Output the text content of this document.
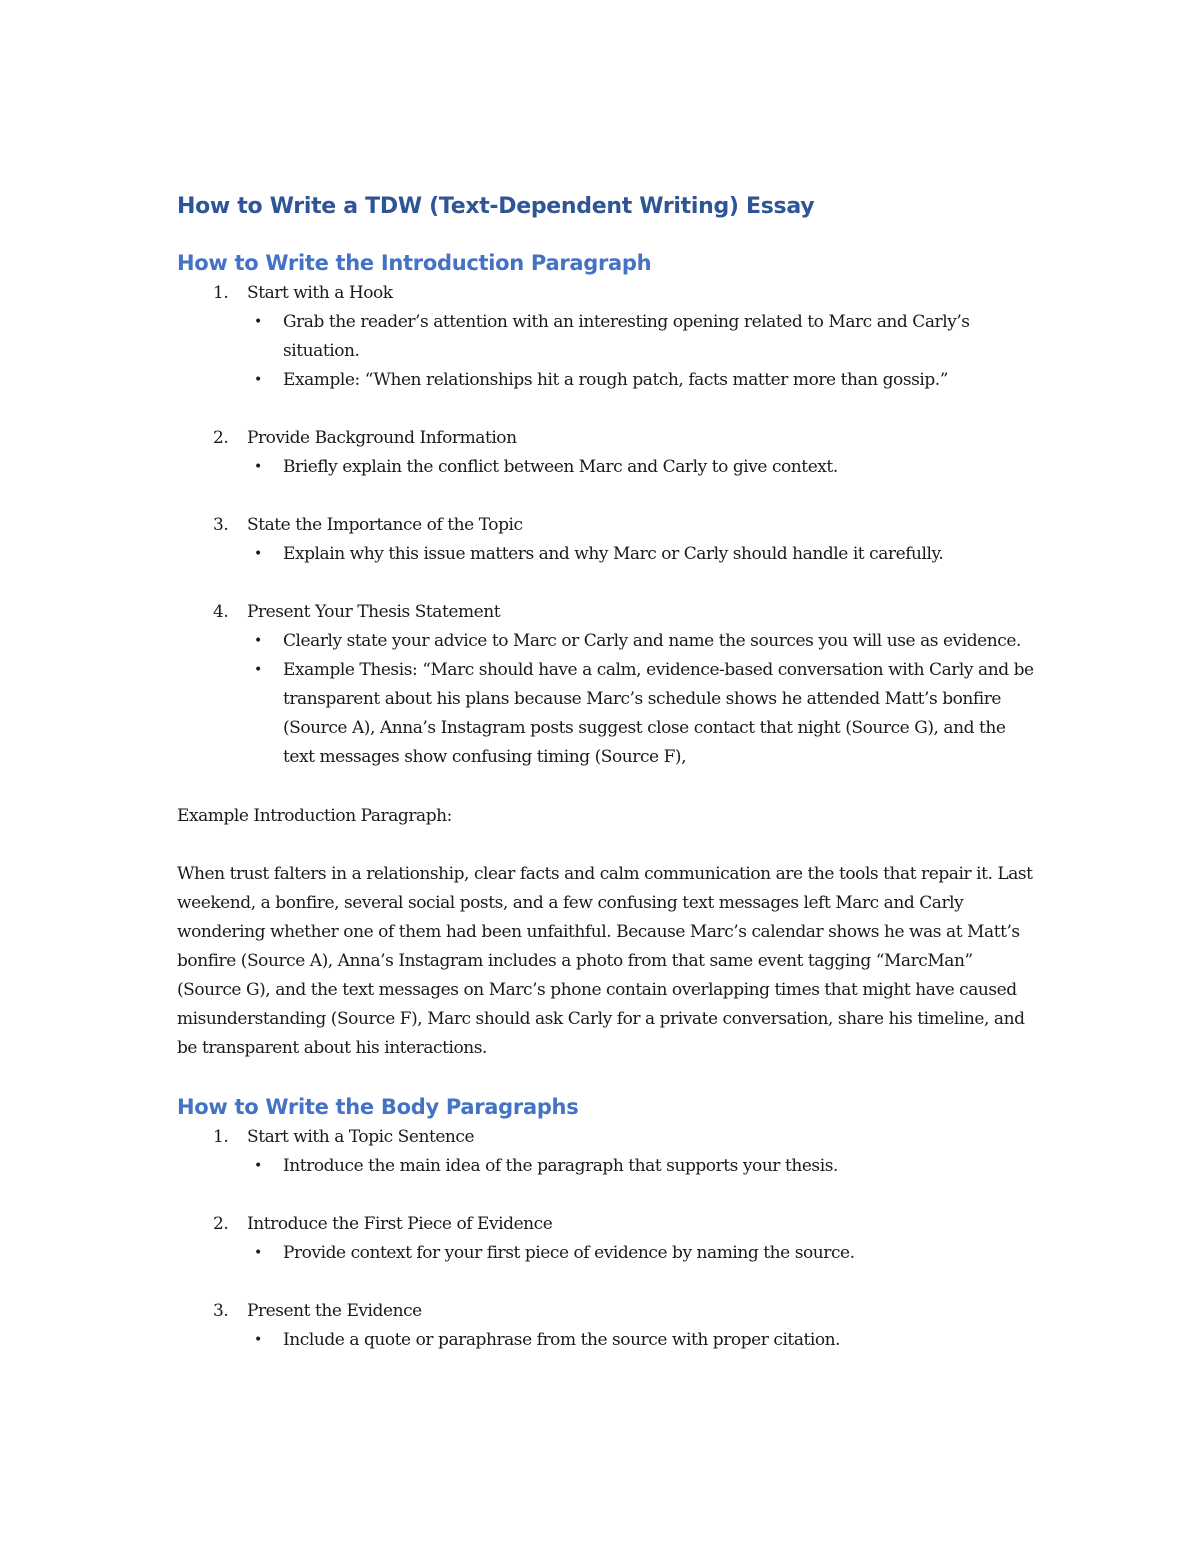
How to Write a TDW (Text-Dependent Writing) Essay
How to Write the Introduction Paragraph
1. Start with a Hook
• Grab the reader’s attention with an interesting opening related to Marc and Carly’s situation.
• Example: “When relationships hit a rough patch, facts matter more than gossip.”
2. Provide Background Information
• Briefly explain the conflict between Marc and Carly to give context.
3. State the Importance of the Topic
• Explain why this issue matters and why Marc or Carly should handle it carefully.
4. Present Your Thesis Statement
• Clearly state your advice to Marc or Carly and name the sources you will use as evidence.
• Example Thesis: “Marc should have a calm, evidence-based conversation with Carly and be transparent about his plans because Marc’s schedule shows he attended Matt’s bonfire (Source A), Anna’s Instagram posts suggest close contact that night (Source G), and the text messages show confusing timing (Source F),

Example Introduction Paragraph:

When trust falters in a relationship, clear facts and calm communication are the tools that repair it. Last weekend, a bonfire, several social posts, and a few confusing text messages left Marc and Carly wondering whether one of them had been unfaithful. Because Marc’s calendar shows he was at Matt’s bonfire (Source A), Anna’s Instagram includes a photo from that same event tagging “MarcMan” (Source G), and the text messages on Marc’s phone contain overlapping times that might have caused misunderstanding (Source F), Marc should ask Carly for a private conversation, share his timeline, and be transparent about his interactions.

How to Write the Body Paragraphs
1. Start with a Topic Sentence
• Introduce the main idea of the paragraph that supports your thesis.
2. Introduce the First Piece of Evidence
• Provide context for your first piece of evidence by naming the source.
3. Present the Evidence
• Include a quote or paraphrase from the source with proper citation.
